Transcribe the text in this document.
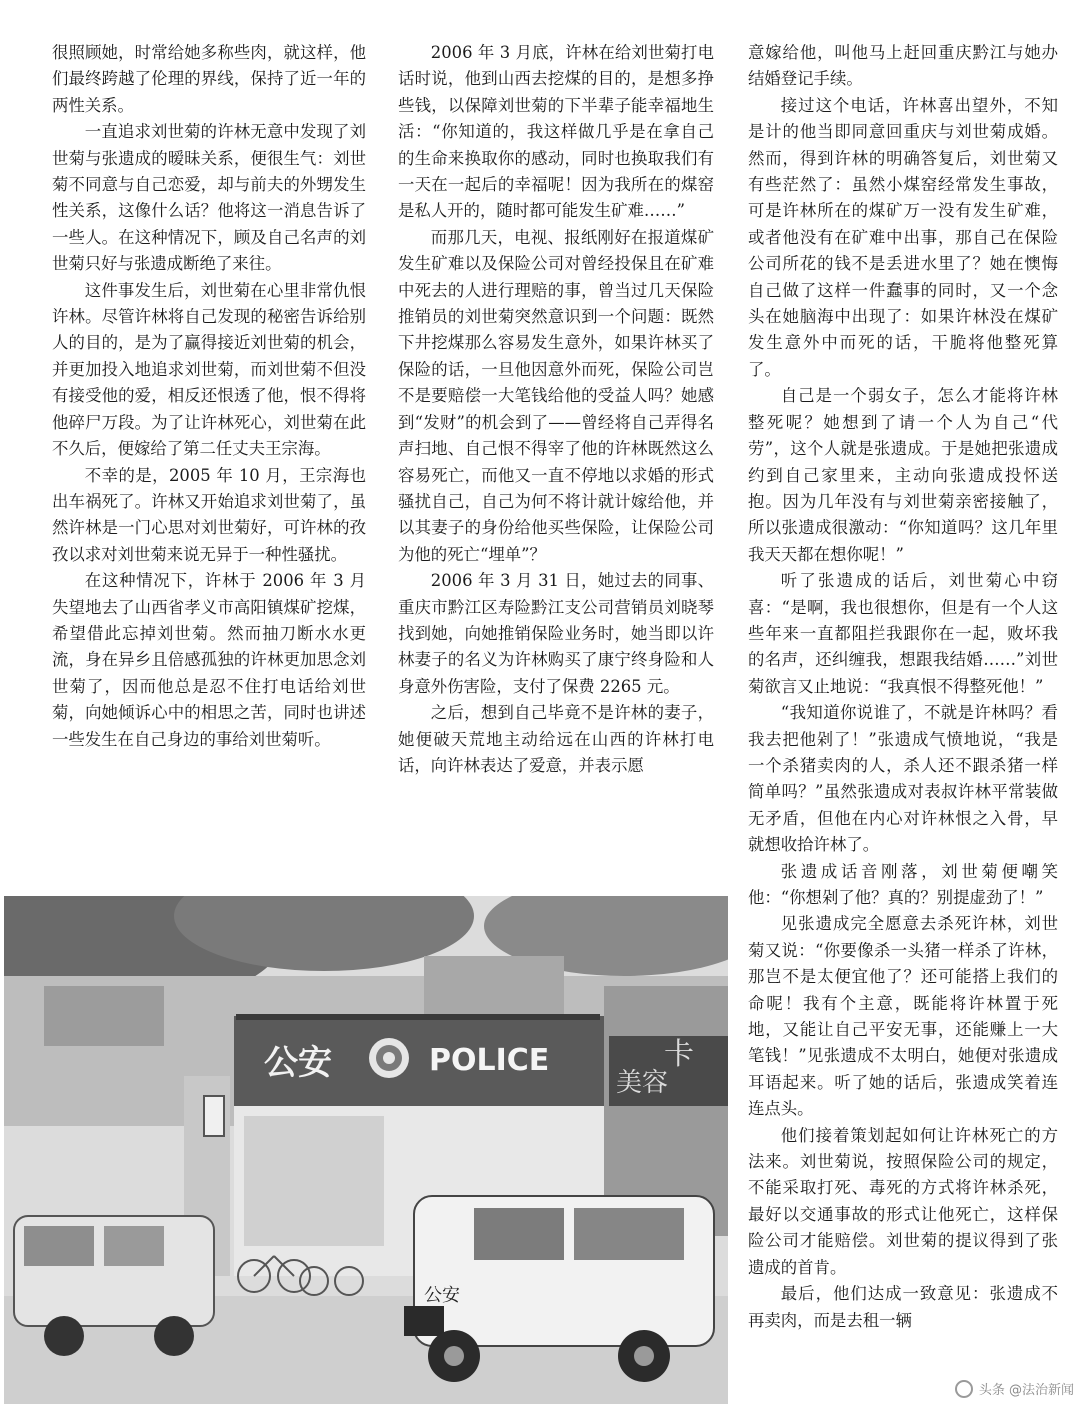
很照顾她，时常给她多称些肉，就这样，他们最终跨越了伦理的界线，保持了近一年的两性关系。

一直追求刘世菊的许林无意中发现了刘世菊与张遗成的暧昧关系，便很生气：刘世菊不同意与自己恋爱，却与前夫的外甥发生性关系，这像什么话？他将这一消息告诉了一些人。在这种情况下，顾及自己名声的刘世菊只好与张遗成断绝了来往。

这件事发生后，刘世菊在心里非常仇恨许林。尽管许林将自己发现的秘密告诉给别人的目的，是为了赢得接近刘世菊的机会，并更加投入地追求刘世菊，而刘世菊不但没有接受他的爱，相反还恨透了他，恨不得将他碎尸万段。为了让许林死心，刘世菊在此不久后，便嫁给了第二任丈夫王宗海。

不幸的是，2005 年 10 月，王宗海也出车祸死了。许林又开始追求刘世菊了，虽然许林是一门心思对刘世菊好，可许林的孜孜以求对刘世菊来说无异于一种性骚扰。

在这种情况下，许林于 2006 年 3 月失望地去了山西省孝义市高阳镇煤矿挖煤，希望借此忘掉刘世菊。然而抽刀断水水更流，身在异乡且倍感孤独的许林更加思念刘世菊了，因而他总是忍不住打电话给刘世菊，向她倾诉心中的相思之苦，同时也讲述一些发生在自己身边的事给刘世菊听。

2006 年 3 月底，许林在给刘世菊打电话时说，他到山西去挖煤的目的，是想多挣些钱，以保障刘世菊的下半辈子能幸福地生活：“你知道的，我这样做几乎是在拿自己的生命来换取你的感动，同时也换取我们有一天在一起后的幸福呢！因为我所在的煤窑是私人开的，随时都可能发生矿难……”

而那几天，电视、报纸刚好在报道煤矿发生矿难以及保险公司对曾经投保且在矿难中死去的人进行理赔的事，曾当过几天保险推销员的刘世菊突然意识到一个问题：既然下井挖煤那么容易发生意外，如果许林买了保险的话，一旦他因意外而死，保险公司岂不是要赔偿一大笔钱给他的受益人吗？她感到“发财”的机会到了——曾经将自己弄得名声扫地、自己恨不得宰了他的许林既然这么容易死亡，而他又一直不停地以求婚的形式骚扰自己，自己为何不将计就计嫁给他，并以其妻子的身份给他买些保险，让保险公司为他的死亡“埋单”？

2006 年 3 月 31 日，她过去的同事、重庆市黔江区寿险黔江支公司营销员刘晓琴找到她，向她推销保险业务时，她当即以许林妻子的名义为许林购买了康宁终身险和人身意外伤害险，支付了保费 2265 元。

之后，想到自己毕竟不是许林的妻子，她便破天荒地主动给远在山西的许林打电话，向许林表达了爱意，并表示愿

意嫁给他，叫他马上赶回重庆黔江与她办结婚登记手续。

接过这个电话，许林喜出望外，不知是计的他当即同意回重庆与刘世菊成婚。然而，得到许林的明确答复后，刘世菊又有些茫然了：虽然小煤窑经常发生事故，可是许林所在的煤矿万一没有发生矿难，或者他没有在矿难中出事，那自己在保险公司所花的钱不是丢进水里了？她在懊悔自己做了这样一件蠢事的同时，又一个念头在她脑海中出现了：如果许林没在煤矿发生意外中而死的话，干脆将他整死算了。

自己是一个弱女子，怎么才能将许林整死呢？她想到了请一个人为自己“代劳”，这个人就是张遗成。于是她把张遗成约到自己家里来，主动向张遗成投怀送抱。因为几年没有与刘世菊亲密接触了，所以张遗成很激动：“你知道吗？这几年里我天天都在想你呢！”

听了张遗成的话后，刘世菊心中窃喜：“是啊，我也很想你，但是有一个人这些年来一直都阻拦我跟你在一起，败坏我的名声，还纠缠我，想跟我结婚……”刘世菊欲言又止地说：“我真恨不得整死他！”

“我知道你说谁了，不就是许林吗？看我去把他剁了！”张遗成气愤地说，“我是一个杀猪卖肉的人，杀人还不跟杀猪一样简单吗？”虽然张遗成对表叔许林平常装做无矛盾，但他在内心对许林恨之入骨，早就想收拾许林了。

张遗成话音刚落，刘世菊便嘲笑他：“你想剁了他？真的？别提虚劲了！”

见张遗成完全愿意去杀死许林，刘世菊又说：“你要像杀一头猪一样杀了许林，那岂不是太便宜他了？还可能搭上我们的命呢！我有个主意，既能将许林置于死地，又能让自己平安无事，还能赚上一大笔钱！”见张遗成不太明白，她便对张遗成耳语起来。听了她的话后，张遗成笑着连连点头。

他们接着策划起如何让许林死亡的方法来。刘世菊说，按照保险公司的规定，不能采取打死、毒死的方式将许林杀死，最好以交通事故的形式让他死亡，这样保险公司才能赔偿。刘世菊的提议得到了张遗成的首肯。

最后，他们达成一致意见：张遗成不再卖肉，而是去租一辆

公安	POLICE
美容
卡
公安
头条 @法治新闻
